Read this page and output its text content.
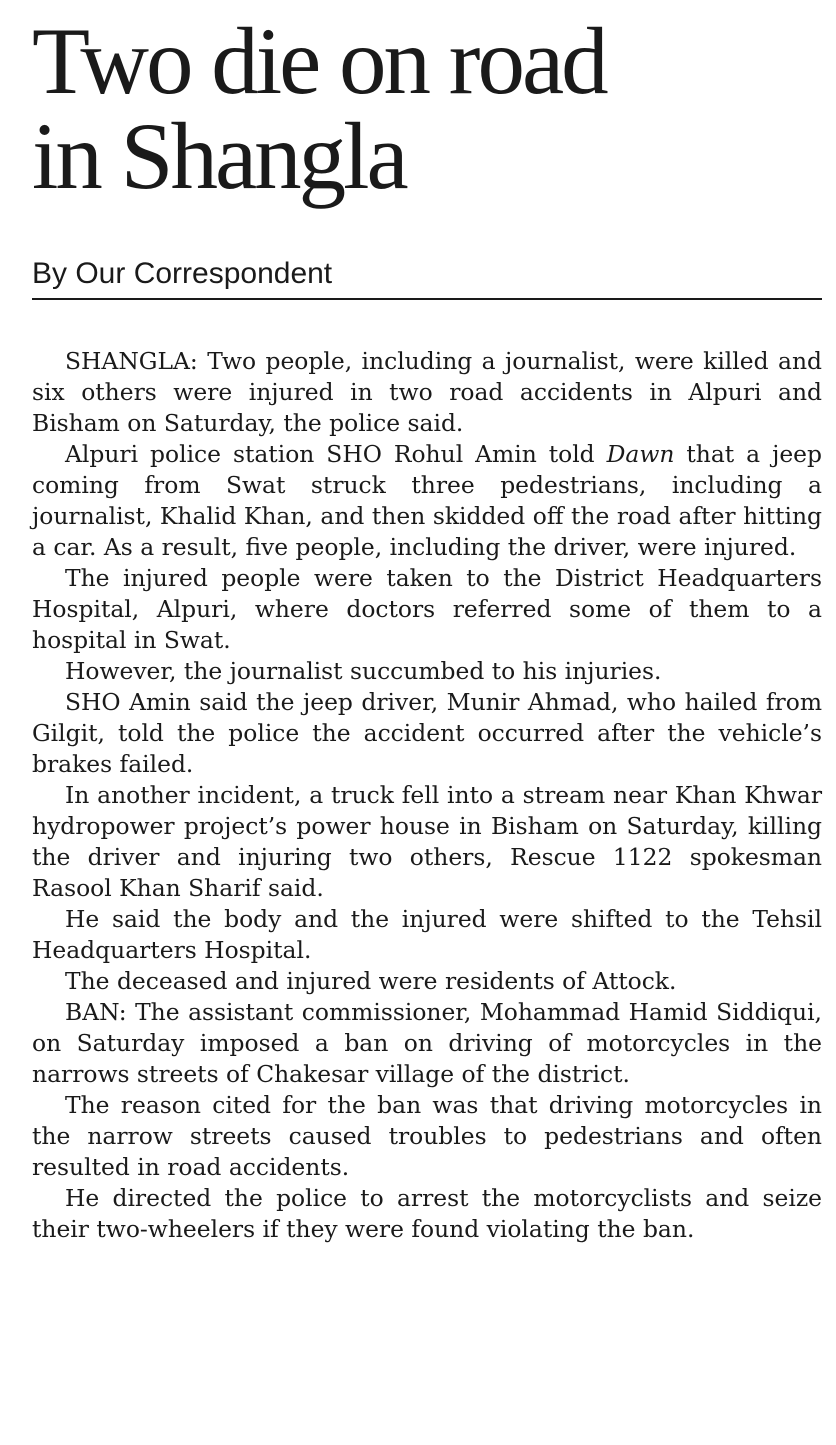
Two die on road
in Shangla
By Our Correspondent

SHANGLA: Two people, including a journalist, were killed and six others were injured in two road accidents in Alpuri and Bisham on Saturday, the police said.

Alpuri police station SHO Rohul Amin told Dawn that a jeep coming from Swat struck three pedestrians, including a journalist, Khalid Khan, and then skidded off the road after hitting a car. As a result, five people, including the driver, were injured.

The injured people were taken to the District Headquarters Hospital, Alpuri, where doctors referred some of them to a hospital in Swat.

However, the journalist succumbed to his injuries.

SHO Amin said the jeep driver, Munir Ahmad, who hailed from Gilgit, told the police the accident occurred after the vehicle’s brakes failed.

In another incident, a truck fell into a stream near Khan Khwar hydropower project’s power house in Bisham on Saturday, killing the driver and injuring two others, Rescue 1122 spokesman Rasool Khan Sharif said.

He said the body and the injured were shifted to the Tehsil Headquarters Hospital.

The deceased and injured were residents of Attock.

BAN: The assistant commissioner, Mohammad Hamid Siddiqui, on Saturday imposed a ban on driving of motorcycles in the narrows streets of Chakesar village of the district.

The reason cited for the ban was that driving motorcycles in the narrow streets caused troubles to pedestrians and often resulted in road accidents.

He directed the police to arrest the motorcyclists and seize their two-wheelers if they were found violating the ban.
